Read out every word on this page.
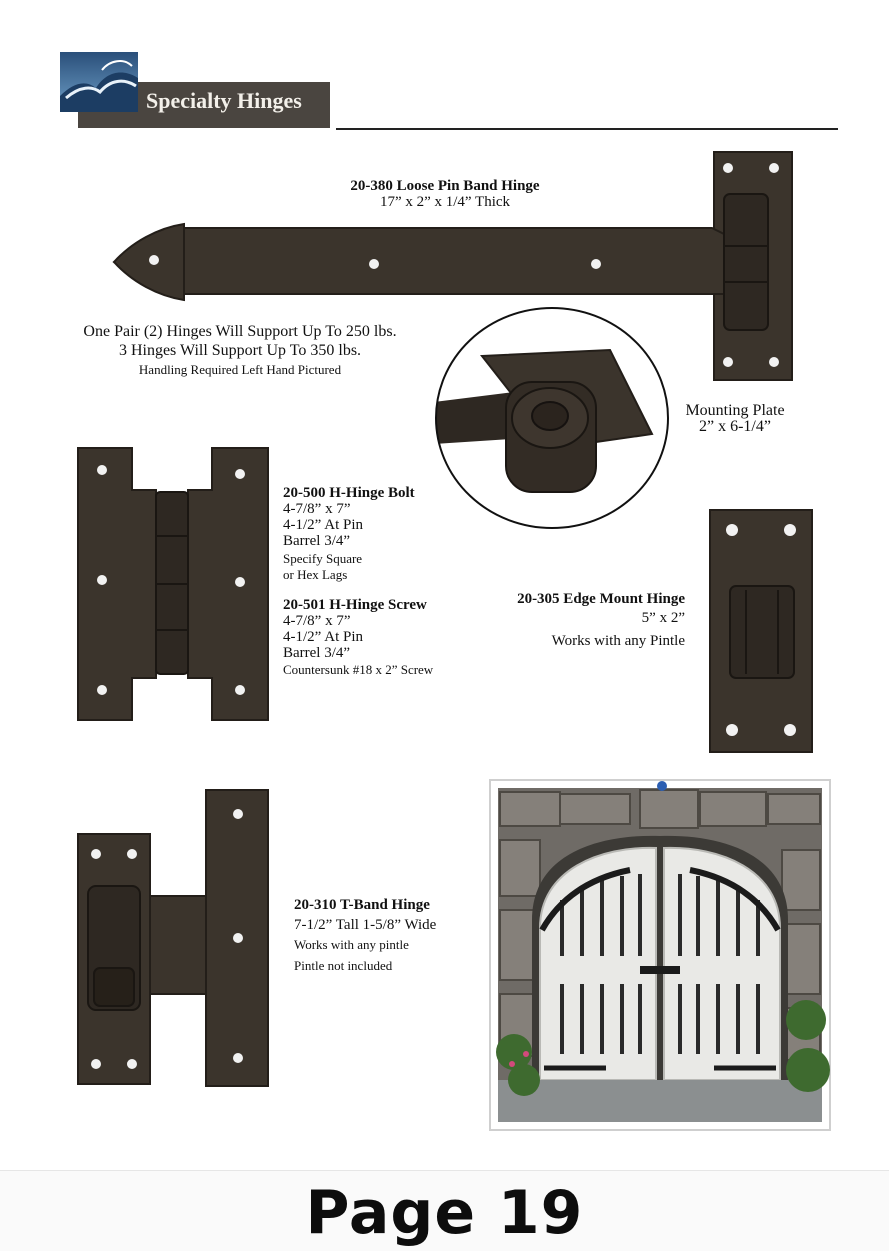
Specialty Hinges
20-380 Loose Pin Band Hinge
17” x 2” x 1/4” Thick
One Pair (2) Hinges Will Support Up To 250 lbs.
3 Hinges Will Support Up To 350 lbs.
Handling Required Left Hand Pictured
Mounting Plate
2” x 6-1/4”
20-500 H-Hinge Bolt
4-7/8” x 7”
4-1/2” At Pin
Barrel 3/4”
Specify Square
or Hex Lags
20-501 H-Hinge Screw
4-7/8” x 7”
4-1/2” At Pin
Barrel 3/4”
Countersunk #18 x 2” Screw
20-305 Edge Mount Hinge
5” x 2”
Works with any Pintle
20-310 T-Band Hinge
7-1/2” Tall 1-5/8” Wide
Works with any pintle
Pintle not included
Page 19
